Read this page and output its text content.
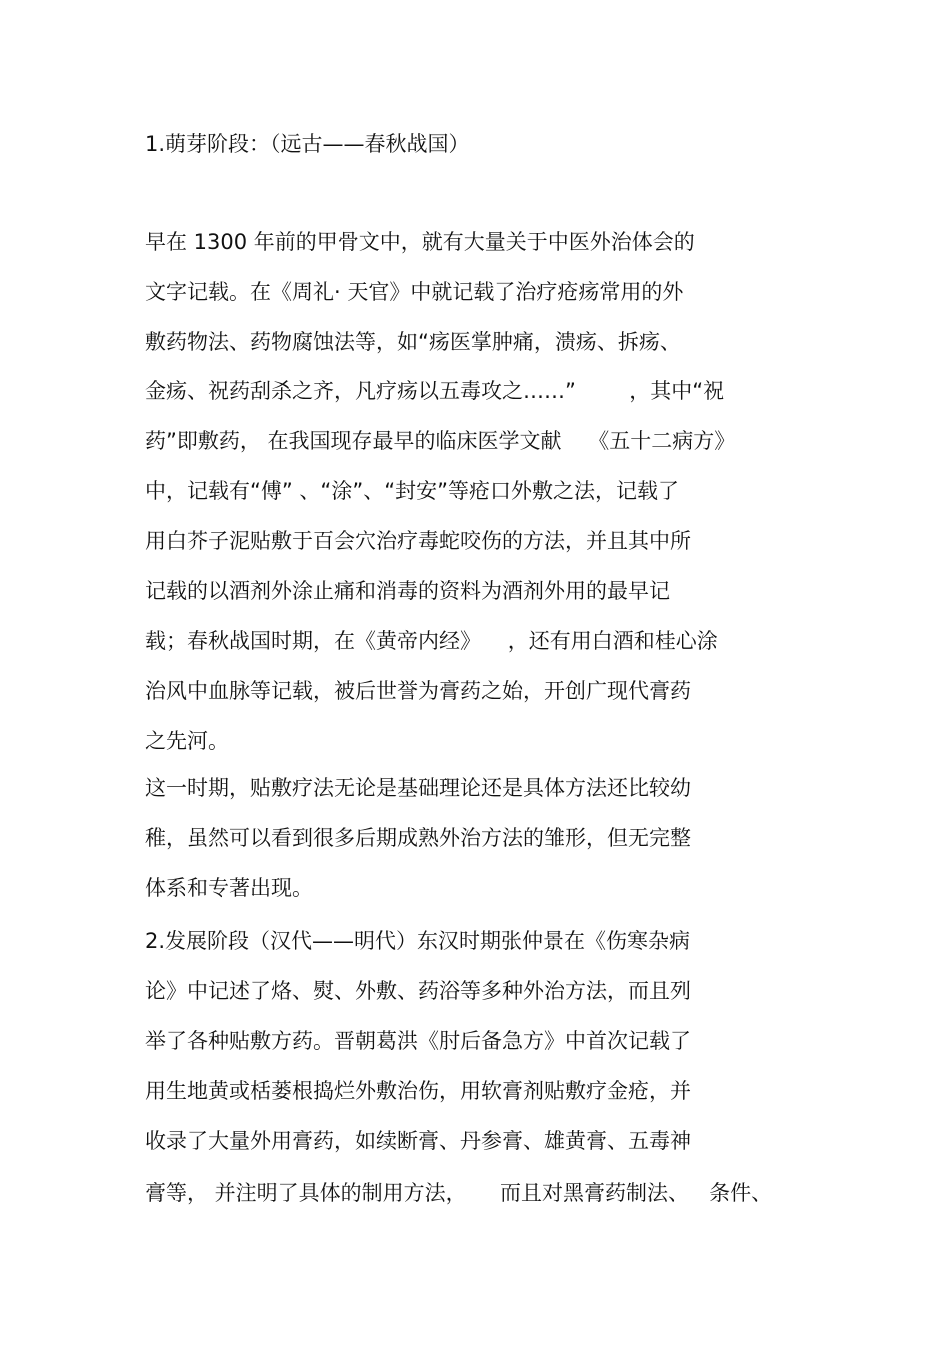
1.萌芽阶段：（远古——春秋战国）

早在 1300 年前的甲骨文中，就有大量关于中医外治体会的

文字记载。在《周礼· 天官》中就记载了治疗疮疡常用的外

敷药物法、药物腐蚀法等，如“疡医掌肿痛，溃疡、拆疡、

金疡、祝药刮杀之齐，凡疗疡以五毒攻之……”        ，其中“祝

药”即敷药， 在我国现存最早的临床医学文献    《五十二病方》

中，记载有“傅” 、“涂”、“封安”等疮口外敷之法，记载了

用白芥子泥贴敷于百会穴治疗毒蛇咬伤的方法，并且其中所

记载的以酒剂外涂止痛和消毒的资料为酒剂外用的最早记

载；春秋战国时期，在《黄帝内经》    ，还有用白酒和桂心涂

治风中血脉等记载，被后世誉为膏药之始，开创广现代膏药

之先河。

这一时期，贴敷疗法无论是基础理论还是具体方法还比较幼

稚，虽然可以看到很多后期成熟外治方法的雏形，但无完整

体系和专著出现。

2.发展阶段（汉代——明代）东汉时期张仲景在《伤寒杂病

论》中记述了烙、熨、外敷、药浴等多种外治方法，而且列

举了各种贴敷方药。晋朝葛洪《肘后备急方》中首次记载了

用生地黄或栝蒌根捣烂外敷治伤，用软膏剂贴敷疗金疮，并

收录了大量外用膏药，如续断膏、丹参膏、雄黄膏、五毒神

膏等， 并注明了具体的制用方法，     而且对黑膏药制法、   条件、
